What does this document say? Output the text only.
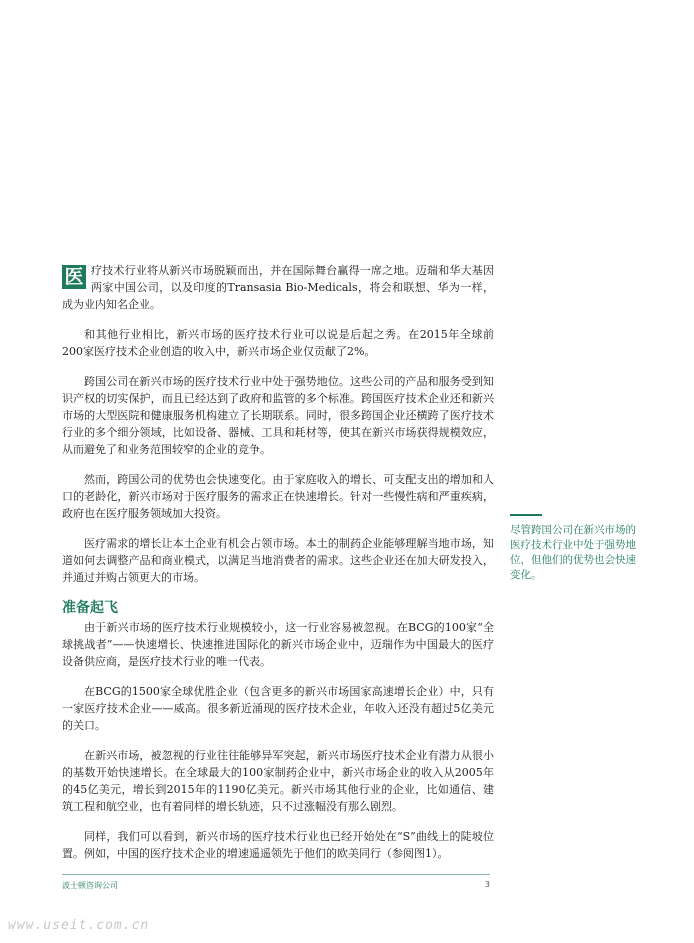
医 疗技术行业将从新兴市场脱颖而出，并在国际舞台赢得一席之地。迈瑞和华大基因两家中国公司，以及印度的Transasia Bio-Medicals，将会和联想、华为一样，成为业内知名企业。

和其他行业相比，新兴市场的医疗技术行业可以说是后起之秀。在2015年全球前200家医疗技术企业创造的收入中，新兴市场企业仅贡献了2%。

跨国公司在新兴市场的医疗技术行业中处于强势地位。这些公司的产品和服务受到知识产权的切实保护，而且已经达到了政府和监管的多个标准。跨国医疗技术企业还和新兴市场的大型医院和健康服务机构建立了长期联系。同时，很多跨国企业还横跨了医疗技术行业的多个细分领域，比如设备、器械、工具和耗材等，使其在新兴市场获得规模效应，从而避免了和业务范围较窄的企业的竞争。

然而，跨国公司的优势也会快速变化。由于家庭收入的增长、可支配支出的增加和人口的老龄化，新兴市场对于医疗服务的需求正在快速增长。针对一些慢性病和严重疾病，政府也在医疗服务领域加大投资。

医疗需求的增长让本土企业有机会占领市场。本土的制药企业能够理解当地市场，知道如何去调整产品和商业模式，以满足当地消费者的需求。这些企业还在加大研发投入，并通过并购占领更大的市场。

准备起飞

由于新兴市场的医疗技术行业规模较小，这一行业容易被忽视。在BCG的100家“全球挑战者”——快速增长、快速推进国际化的新兴市场企业中，迈瑞作为中国最大的医疗设备供应商，是医疗技术行业的唯一代表。

在BCG的1500家全球优胜企业（包含更多的新兴市场国家高速增长企业）中，只有一家医疗技术企业——威高。很多新近涌现的医疗技术企业，年收入还没有超过5亿美元的关口。

在新兴市场，被忽视的行业往往能够异军突起，新兴市场医疗技术企业有潜力从很小的基数开始快速增长。在全球最大的100家制药企业中，新兴市场企业的收入从2005年的45亿美元，增长到2015年的1190亿美元。新兴市场其他行业的企业，比如通信、建筑工程和航空业，也有着同样的增长轨迹，只不过涨幅没有那么剧烈。

同样，我们可以看到，新兴市场的医疗技术行业也已经开始处在“S”曲线上的陡坡位置。例如，中国的医疗技术企业的增速遥遥领先于他们的欧美同行（参阅图1）。

尽管跨国公司在新兴市场的医疗技术行业中处于强势地位，但他们的优势也会快速变化。
波士顿咨询公司	3
www.useit.com.cn
